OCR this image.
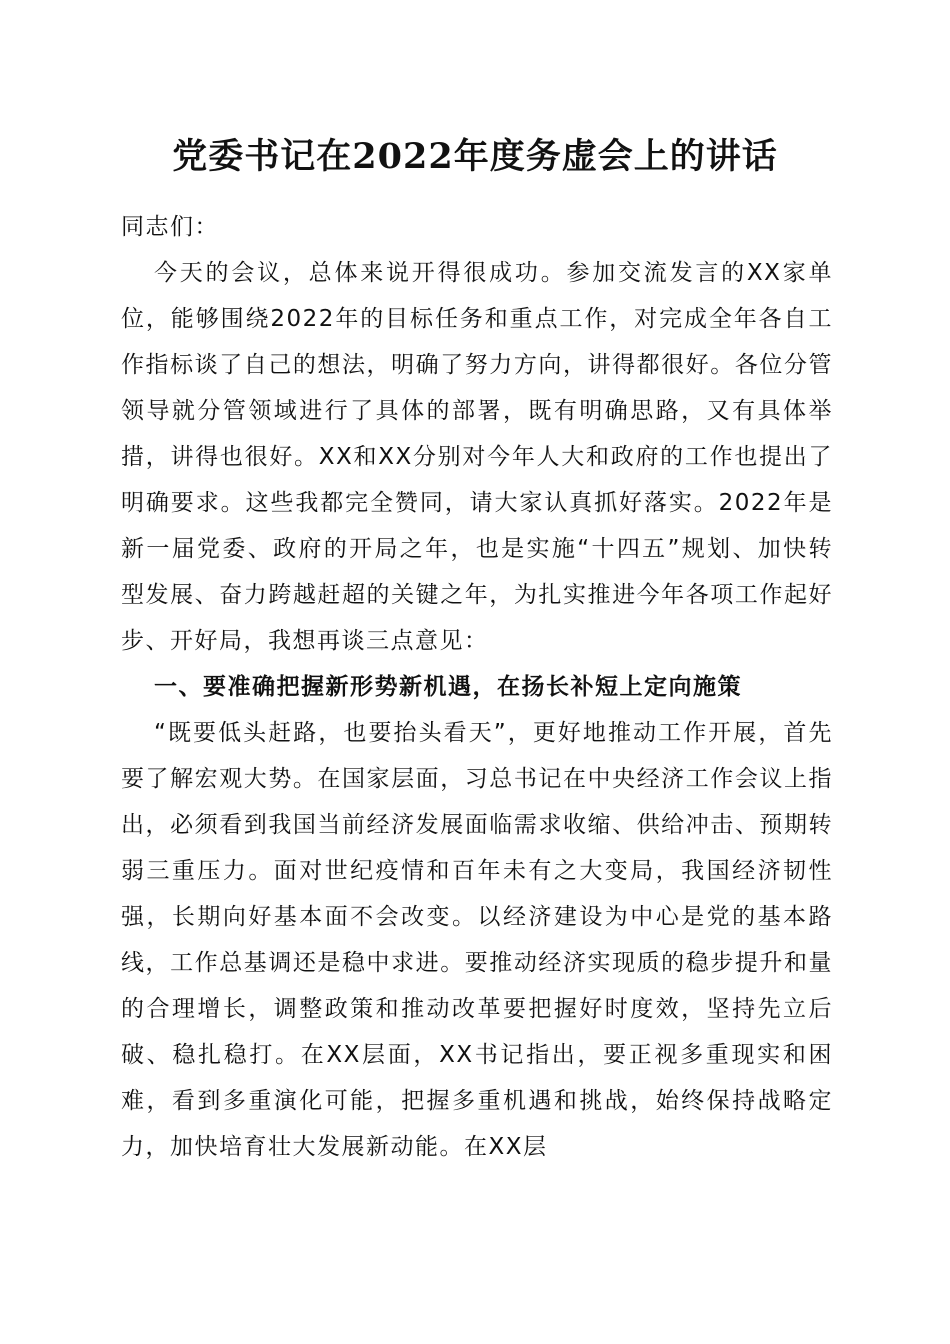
党委书记在2022年度务虚会上的讲话

同志们：

今天的会议，总体来说开得很成功。参加交流发言的XX家单位，能够围绕2022年的目标任务和重点工作，对完成全年各自工作指标谈了自己的想法，明确了努力方向，讲得都很好。各位分管领导就分管领域进行了具体的部署，既有明确思路，又有具体举措，讲得也很好。XX和XX分别对今年人大和政府的工作也提出了明确要求。这些我都完全赞同，请大家认真抓好落实。2022年是新一届党委、政府的开局之年，也是实施“十四五”规划、加快转型发展、奋力跨越赶超的关键之年，为扎实推进今年各项工作起好步、开好局，我想再谈三点意见：

一、要准确把握新形势新机遇，在扬长补短上定向施策

“既要低头赶路，也要抬头看天”，更好地推动工作开展，首先要了解宏观大势。在国家层面，习总书记在中央经济工作会议上指出，必须看到我国当前经济发展面临需求收缩、供给冲击、预期转弱三重压力。面对世纪疫情和百年未有之大变局，我国经济韧性强，长期向好基本面不会改变。以经济建设为中心是党的基本路线，工作总基调还是稳中求进。要推动经济实现质的稳步提升和量的合理增长，调整政策和推动改革要把握好时度效，坚持先立后破、稳扎稳打。在XX层面，XX书记指出，要正视多重现实和困难，看到多重演化可能，把握多重机遇和挑战，始终保持战略定力，加快培育壮大发展新动能。在XX层
